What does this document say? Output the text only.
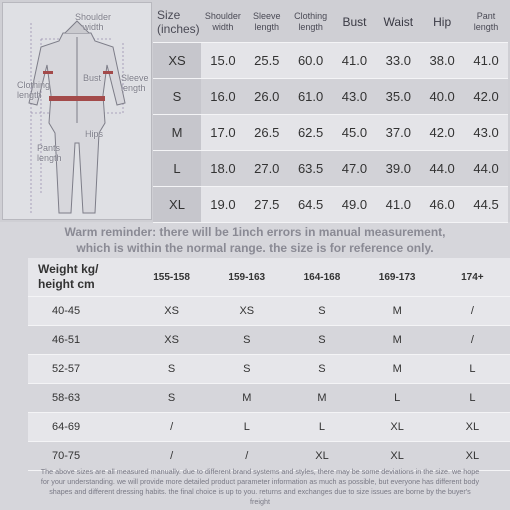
Shoulder
width
Bust Sleeve
length
Clothing
length
Hips
Pants
length
Size
(inches)	Shoulder
width	Sleeve
length	Clothing
length	Bust	Waist	Hip	Pant
length
XS	15.0	25.5	60.0	41.0	33.0	38.0	41.0
S	16.0	26.0	61.0	43.0	35.0	40.0	42.0
M	17.0	26.5	62.5	45.0	37.0	42.0	43.0
L	18.0	27.0	63.5	47.0	39.0	44.0	44.0
XL	19.0	27.5	64.5	49.0	41.0	46.0	44.5
Warm reminder: there will be 1inch errors in manual measurement,
which is within the normal range. the size is for reference only.
Weight kg/
height cm	155-158	159-163	164-168	169-173	174+
40-45	XS	XS	S	M	/
46-51	XS	S	S	M	/
52-57	S	S	S	M	L
58-63	S	M	M	L	L
64-69	/	L	L	XL	XL
70-75	/	/	XL	XL	XL
The above sizes are all measured manually. due to different brand systems and styles, there may be some deviations in the size. we hope for your understanding. we will provide more detailed product parameter information as much as possible, but everyone has different body shapes and different dressing habits. the final choice is up to you. returns and exchanges due to size issues are borne by the buyer's freight
